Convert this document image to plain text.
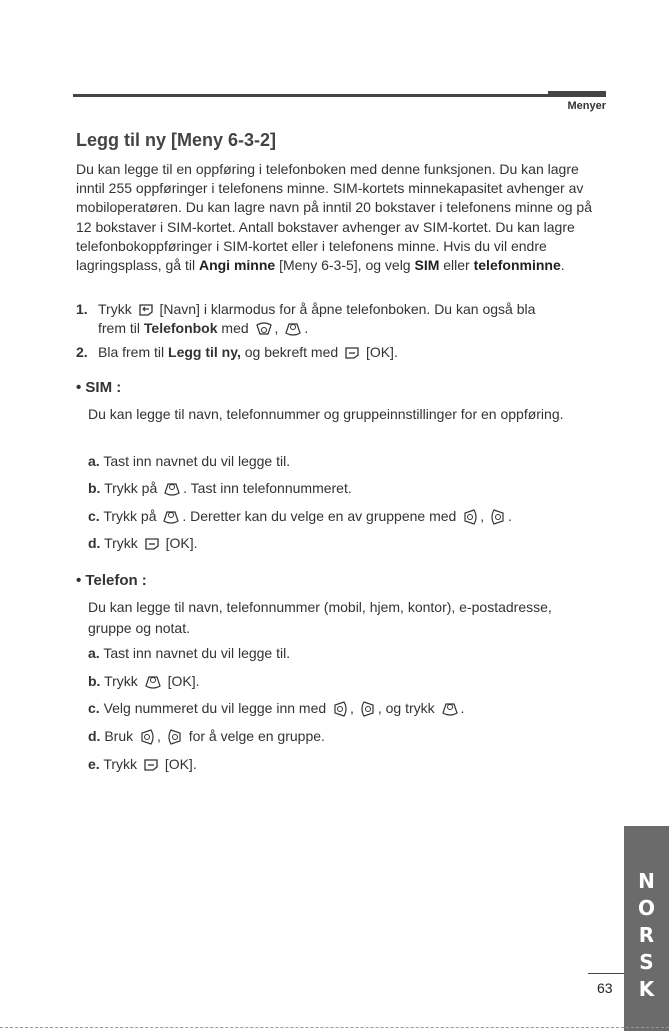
Menyer
Legg til ny [Meny 6-3-2]
Du kan legge til en oppføring i telefonboken med denne funksjonen. Du kan lagre inntil 255 oppføringer i telefonens minne. SIM-kortets minnekapasitet avhenger av mobiloperatøren. Du kan lagre navn på inntil 20 bokstaver i telefonens minne og på 12 bokstaver i SIM-kortet. Antall bokstaver avhenger av SIM-kortet. Du kan lagre telefonbokoppføringer i SIM-kortet eller i telefonens minne. Hvis du vil endre lagringsplass, gå til Angi minne [Meny 6-3-5], og velg SIM eller telefonminne.
1. Trykk [Navn] i klarmodus for å åpne telefonboken. Du kan også bla
frem til Telefonbok med , .
2. Bla frem til Legg til ny, og bekreft med [OK].
• SIM :
Du kan legge til navn, telefonnummer og gruppeinnstillinger for en oppføring.
a. Tast inn navnet du vil legge til.
b. Trykk på . Tast inn telefonnummeret.
c. Trykk på . Deretter kan du velge en av gruppene med , .
d. Trykk [OK].
• Telefon :
Du kan legge til navn, telefonnummer (mobil, hjem, kontor), e-postadresse, gruppe og notat.
a. Tast inn navnet du vil legge til.
b. Trykk [OK].
c. Velg nummeret du vil legge inn med , , og trykk .
d. Bruk , for å velge en gruppe.
e. Trykk [OK].
N
O
R
S
K
63
